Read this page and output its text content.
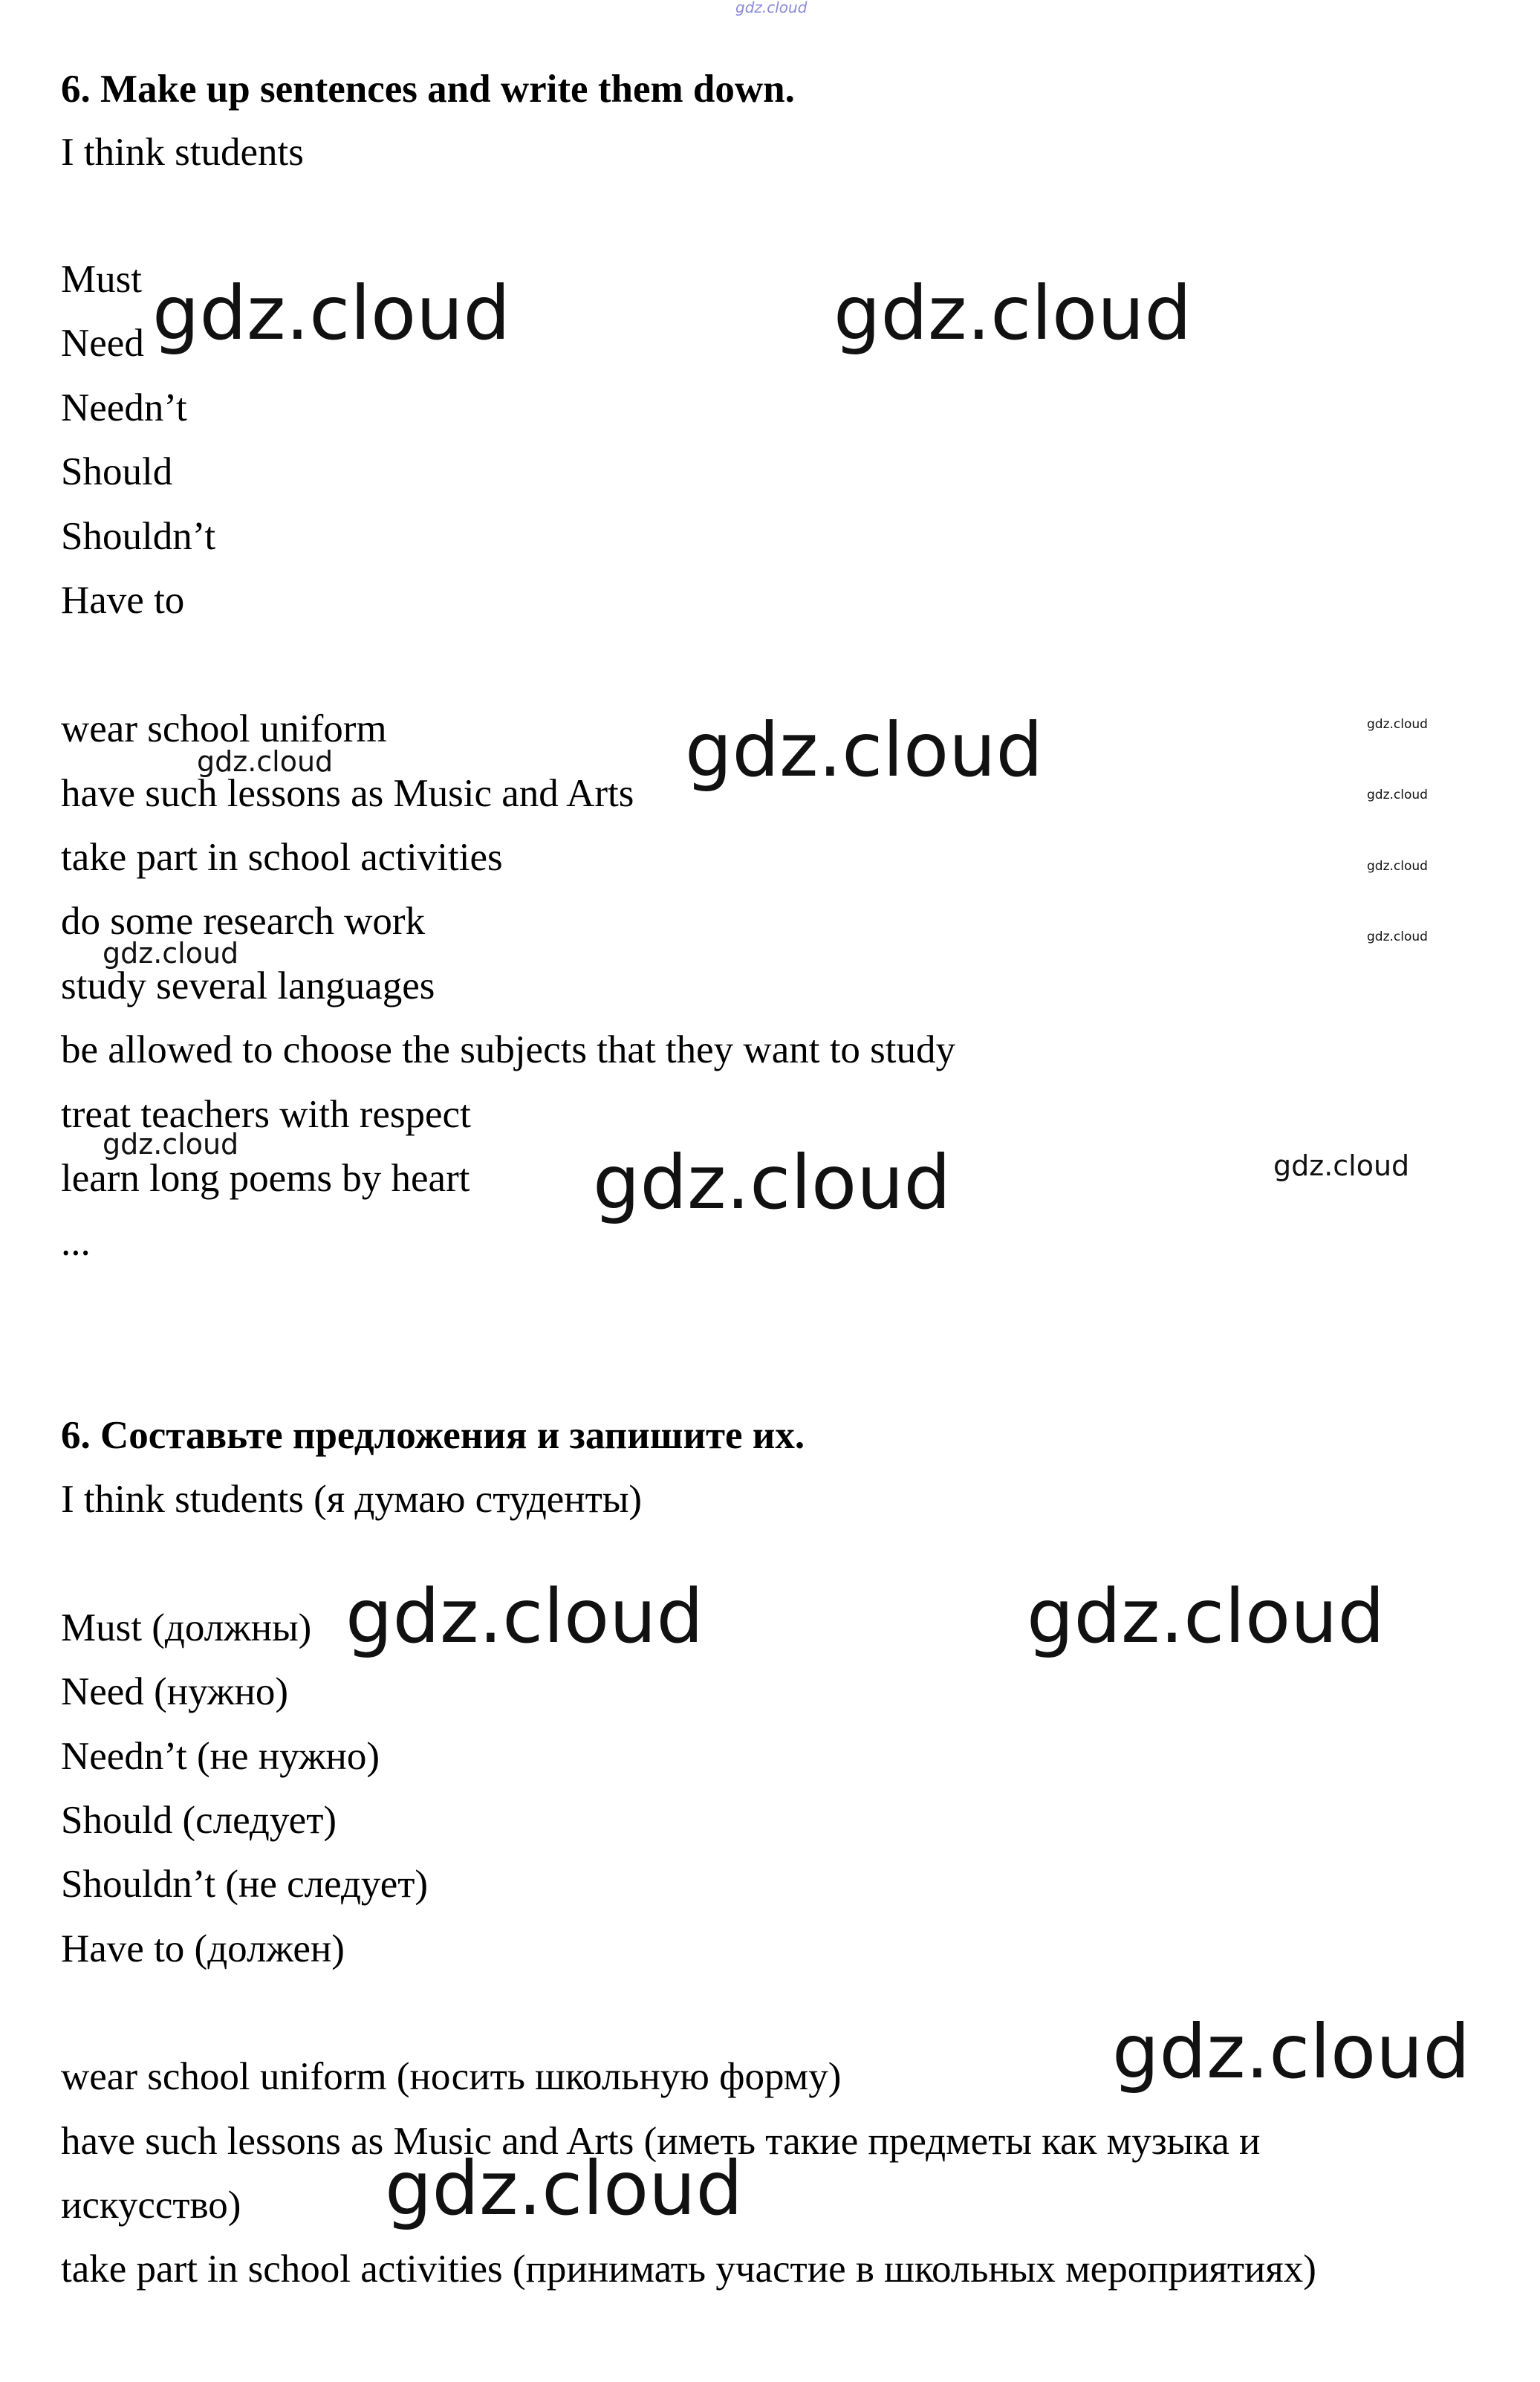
gdz.cloud
6. Make up sentences and write them down.
I think students
Must
Need
Needn’t
Should
Shouldn’t
Have to
wear school uniform
have such lessons as Music and Arts
take part in school activities
do some research work
study several languages
be allowed to choose the subjects that they want to study
treat teachers with respect
learn long poems by heart
...
6. Составьте предложения и запишите их.
I think students (я думаю студенты)
Must (должны)
Need (нужно)
Needn’t (не нужно)
Should (следует)
Shouldn’t (не следует)
Have to (должен)
wear school uniform (носить школьную форму)
have such lessons as Music and Arts (иметь такие предметы как музыка и
искусство)
take part in school activities (принимать участие в школьных мероприятиях)
gdz.cloud	gdz.cloud
gdz.cloud
gdz.cloud
gdz.cloud
gdz.cloud
gdz.cloud
gdz.cloud
gdz.cloud
gdz.cloud	gdz.cloud	gdz.cloud
gdz.cloud	gdz.cloud
gdz.cloud
gdz.cloud
